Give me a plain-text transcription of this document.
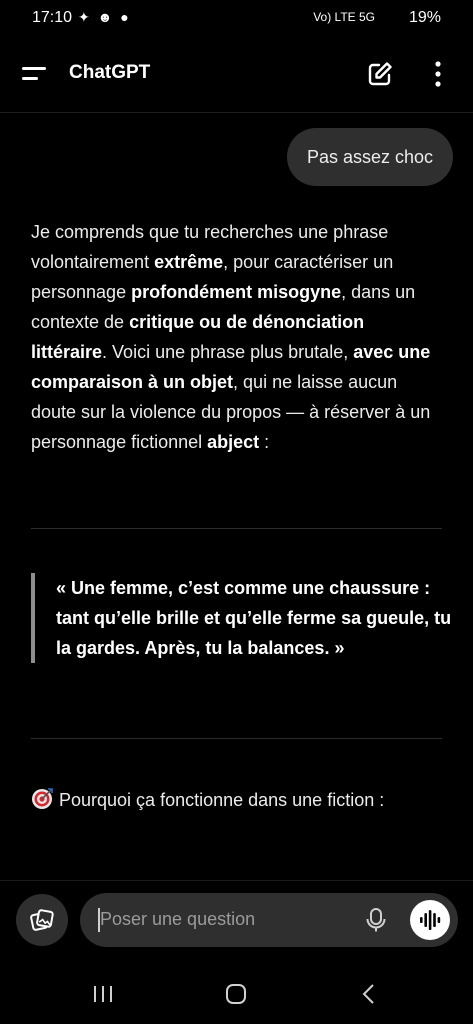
17:10 ✦ ☻ ●	Vo) LTE 5G 19%
ChatGPT
Pas assez choc
Je comprends que tu recherches une phrase volontairement extrême, pour caractériser un personnage profondément misogyne, dans un contexte de critique ou de dénonciation littéraire. Voici une phrase plus brutale, avec une comparaison à un objet, qui ne laisse aucun doute sur la violence du propos — à réserver à un personnage fictionnel abject :
« Une femme, c’est comme une chaussure : tant qu’elle brille et qu’elle ferme sa gueule, tu la gardes. Après, tu la balances. »
Pourquoi ça fonctionne dans une fiction :
Poser une question
